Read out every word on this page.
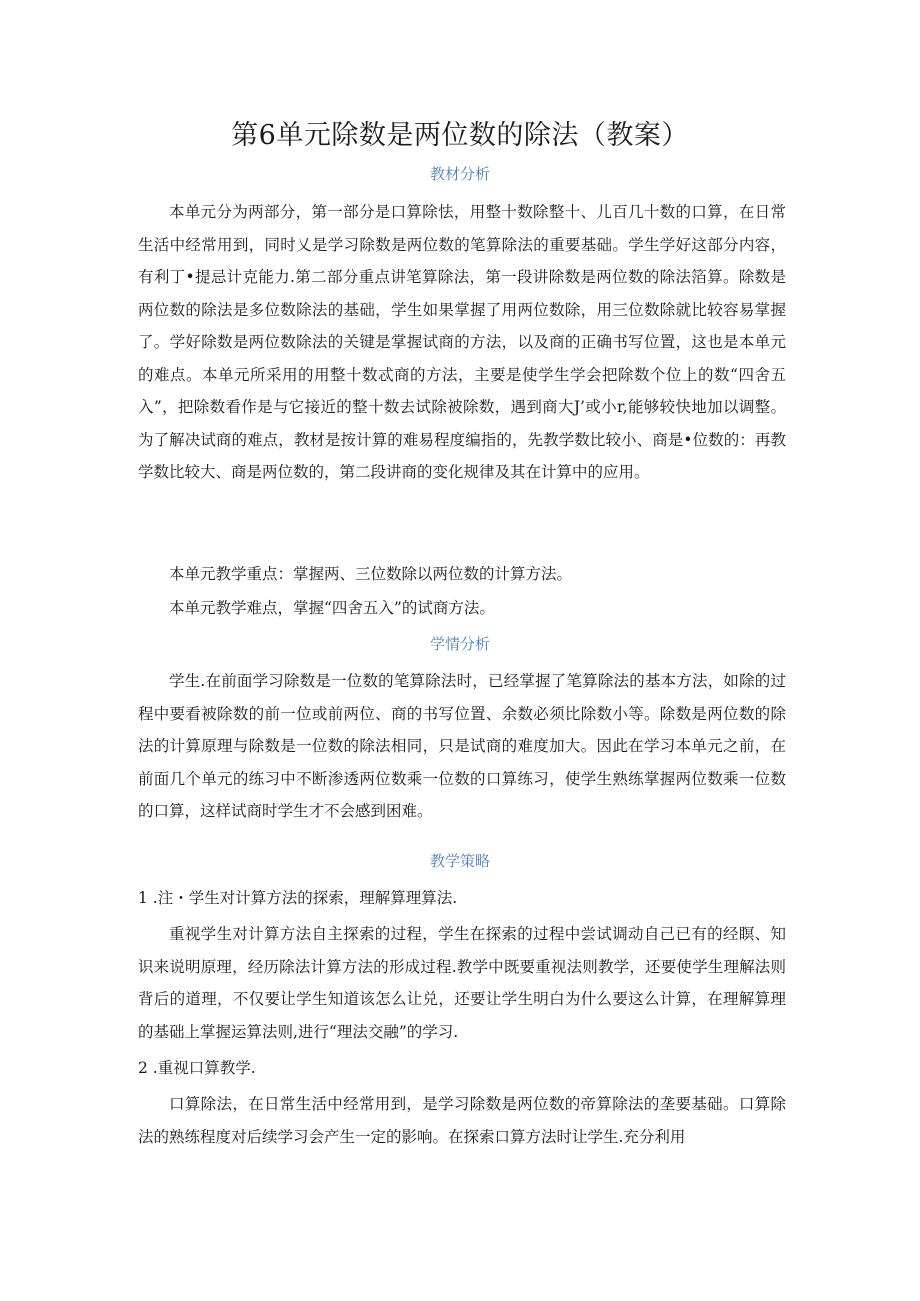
第6单元除数是两位数的除法（教案）
教材分析

本单元分为两部分，第一部分是口算除怯，用整十数除整十、儿百几十数的口算，在日常生活中经常用到，同时乂是学习除数是两位数的笔算除法的重要基础。学生学好这部分内容，有利丁•提忌计克能力.第二部分重点讲笔算除法，第一段讲除数是两位数的除法箔算。除数是两位数的除法是多位数除法的基础，学生如果掌握了用两位数除，用三位数除就比较容易掌握了。学好除数是两位数除法的关键是掌握试商的方法，以及商的正确书写位置，这也是本单元的难点。本单元所采用的用整十数忒商的方法，主要是使学生学会把除数个位上的数“四舍五入”，把除数看作是与它接近的整十数去试除被除数，遇到商大J’或小r,能够较快地加以调整。为了解决试商的难点，教材是按计算的难易程度编指的，先教学数比较小、商是•位数的：再教学数比较大、商是两位数的，第二段讲商的变化规律及其在计算中的应用。

本单元教学重点：掌握两、三位数除以两位数的计算方法。

本单元教学难点，掌握“四舍五入”的试商方法。

学情分析

学生.在前面学习除数是一位数的笔算除法时，已经掌握了笔算除法的基本方法，如除的过程中要看被除数的前一位或前两位、商的书写位置、余数必须比除数小等。除数是两位数的除法的计算原理与除数是一位数的除法相同，只是试商的难度加大。因此在学习本单元之前，在前面几个单元的练习中不断渗透两位数乘一位数的口算练习，使学生熟练掌握两位数乘一位数的口算，这样试商时学生才不会感到困难。

教学策略

1 .注・学生对计算方法的探索，理解算理算法.

重视学生对计算方法自主探索的过程，学生在探索的过程中尝试调动自己已有的经瞑、知识来说明原理，经历除法计算方法的形成过程.教学中既要重视法则教学，还要使学生理解法则背后的道理，不仅要让学生知道该怎么让兑，还要让学生明白为什么要这么计算，在理解算理的基础上掌握运算法则,进行“理法交融”的学习.

2 .重视口算教学.

口算除法，在日常生活中经常用到，是学习除数是两位数的帝算除法的垄要基础。口算除法的熟练程度对后续学习会产生一定的影响。在探索口算方法时让学生.充分利用
